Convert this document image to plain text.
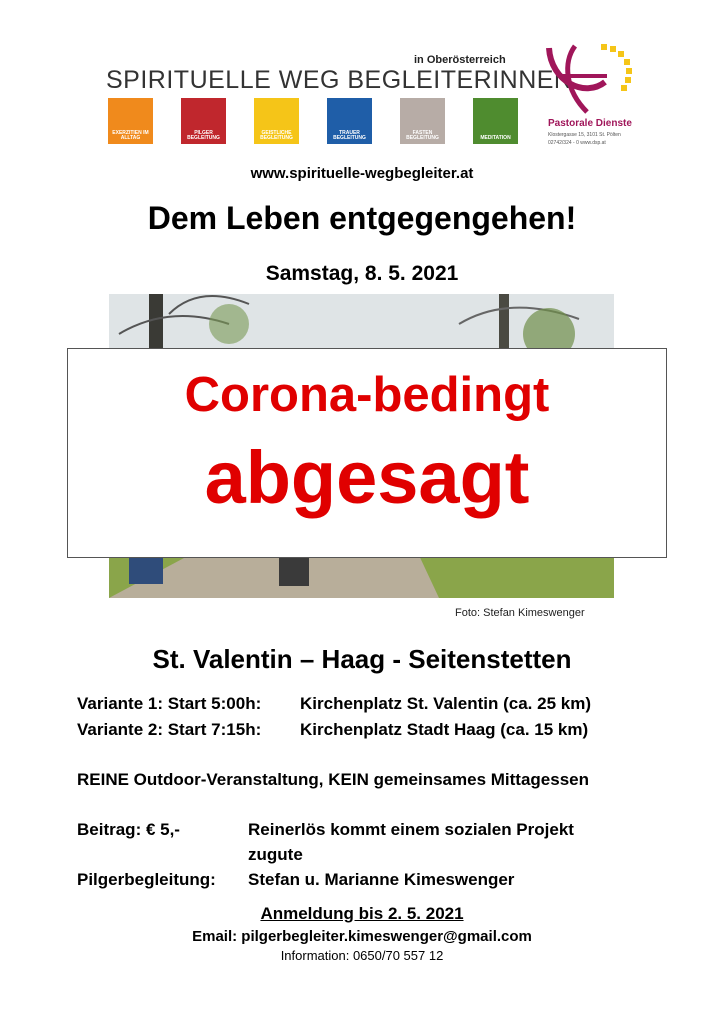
in Oberösterreich
SPIRITUELLE WEG BEGLEITERINNEN
EXERZITIEN IM ALLTAG
PILGER BEGLEITUNG
GEISTLICHE BEGLEITUNG
TRAUER BEGLEITUNG
FASTEN BEGLEITUNG	MEDITATION
Pastorale Dienste
Klostergasse 15, 3101 St. Pölten
02742/324 - 0 www.dsp.at
www.spirituelle-wegbegleiter.at
Dem Leben entgegengehen!
Samstag, 8. 5. 2021
Corona-bedingt
abgesagt
Foto: Stefan Kimeswenger
St. Valentin – Haag - Seitenstetten
Variante 1: Start 5:00h: Kirchenplatz St. Valentin (ca. 25 km)
Variante 2: Start 7:15h: Kirchenplatz Stadt Haag (ca. 15 km)
REINE Outdoor-Veranstaltung, KEIN gemeinsames Mittagessen
Beitrag: € 5,-	Reinerlös kommt einem sozialen Projekt
zugute
Pilgerbegleitung: Stefan u. Marianne Kimeswenger
Anmeldung bis 2. 5. 2021
Email: pilgerbegleiter.kimeswenger@gmail.com
Information: 0650/70 557 12
